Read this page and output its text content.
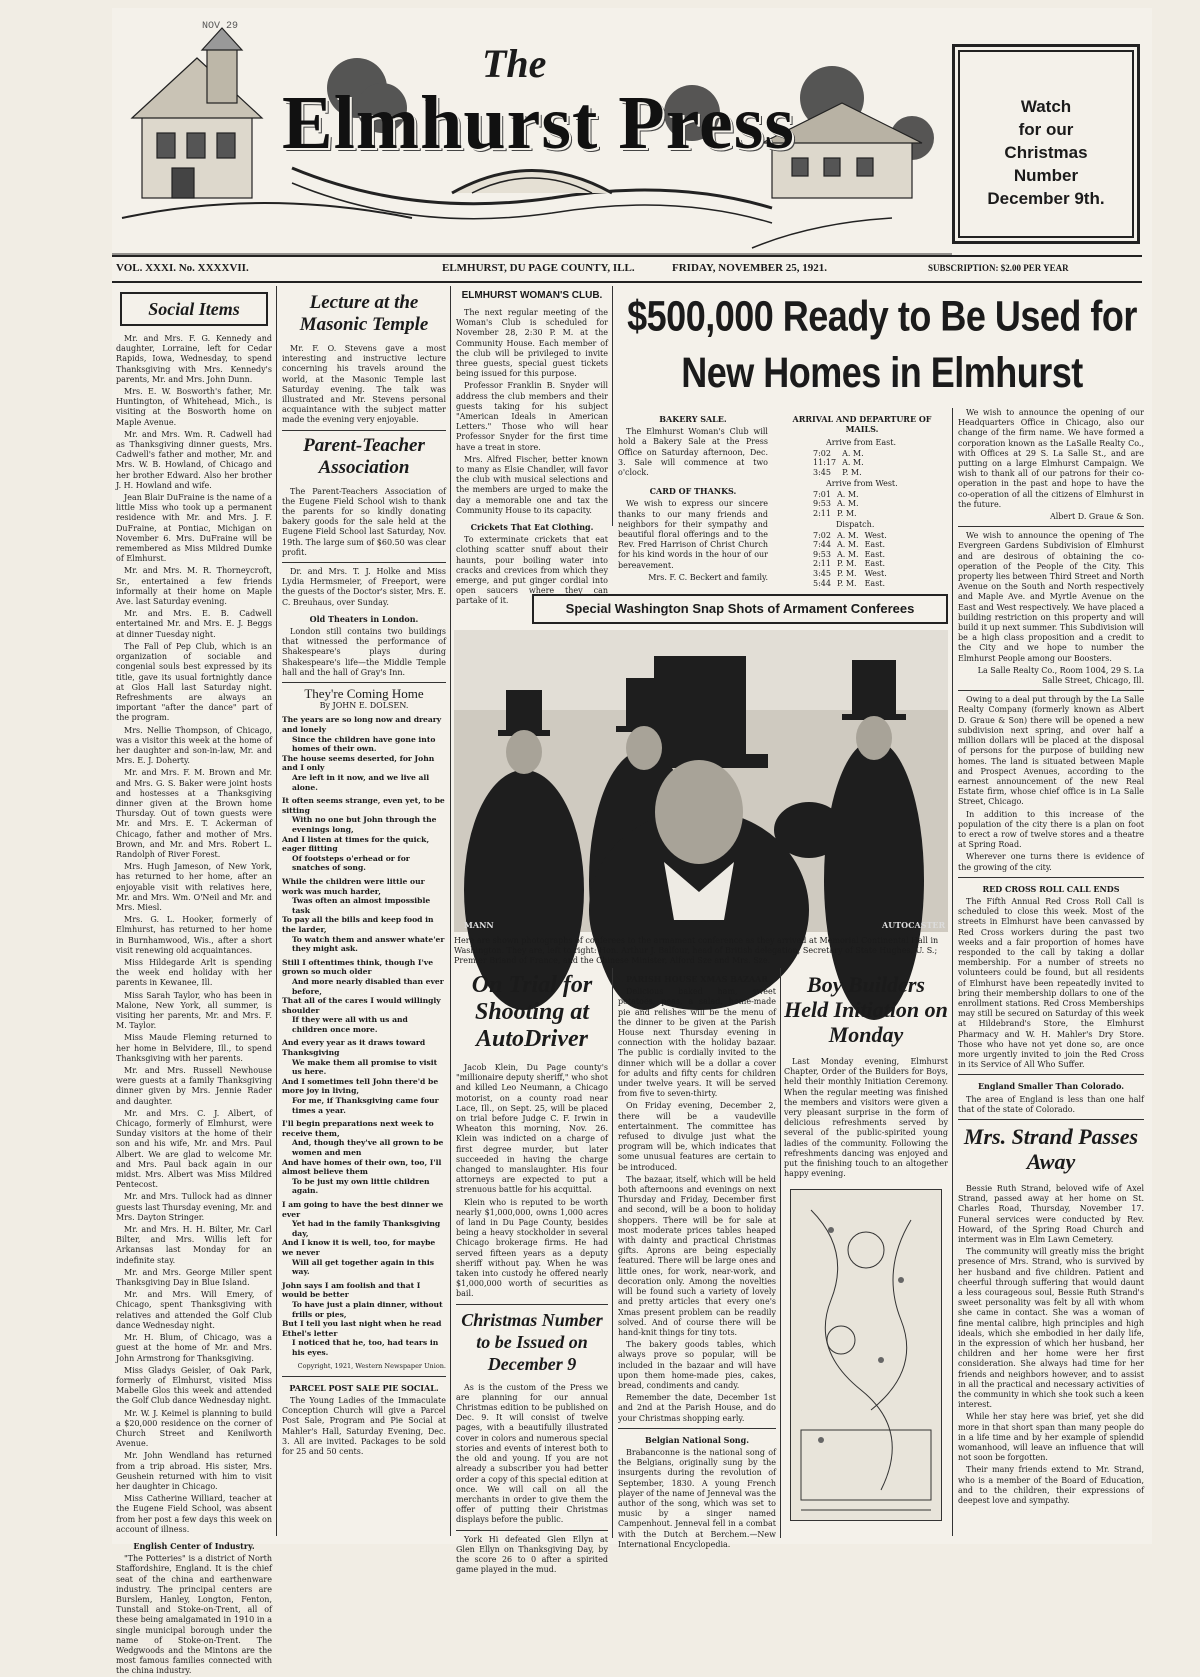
NOV 29
The
Elmhurst Press	Watch
for our
Christmas
Number
December 9th.
VOL. XXXI. No. XXXXVII.	ELMHURST, DU PAGE COUNTY, ILL.	FRIDAY, NOVEMBER 25, 1921.	SUBSCRIPTION: $2.00 PER YEAR
Social Items

Mr. and Mrs. F. G. Kennedy and daughter, Lorraine, left for Cedar Rapids, Iowa, Wednesday, to spend Thanksgiving with Mrs. Kennedy's parents, Mr. and Mrs. John Dunn.

Mrs. E. W. Bosworth's father, Mr. Huntington, of Whitehead, Mich., is visiting at the Bosworth home on Maple Avenue.

Mr. and Mrs. Wm. R. Cadwell had as Thanksgiving dinner guests, Mrs. Cadwell's father and mother, Mr. and Mrs. W. B. Howland, of Chicago and her brother Edward. Also her brother J. H. Howland and wife.

Jean Blair DuFraine is the name of a little Miss who took up a permanent residence with Mr. and Mrs. J. F. DuFraine, at Pontiac, Michigan on November 6. Mrs. DuFraine will be remembered as Miss Mildred Dumke of Elmhurst.

Mr. and Mrs. M. R. Thorneycroft, Sr., entertained a few friends informally at their home on Maple Ave. last Saturday evening.

Mr. and Mrs. E. B. Cadwell entertained Mr. and Mrs. E. J. Beggs at dinner Tuesday night.

The Fall of Pep Club, which is an organization of sociable and congenial souls best expressed by its title, gave its usual fortnightly dance at Glos Hall last Saturday night. Refreshments are always an important "after the dance" part of the program.

Mrs. Nellie Thompson, of Chicago, was a visitor this week at the home of her daughter and son-in-law, Mr. and Mrs. E. J. Doherty.

Mr. and Mrs. F. M. Brown and Mr. and Mrs. G. S. Baker were joint hosts and hostesses at a Thanksgiving dinner given at the Brown home Thursday. Out of town guests were Mr. and Mrs. E. T. Ackerman of Chicago, father and mother of Mrs. Brown, and Mr. and Mrs. Robert L. Randolph of River Forest.

Mrs. Hugh Jameson, of New York, has returned to her home, after an enjoyable visit with relatives here, Mr. and Mrs. Wm. O'Neil and Mr. and Mrs. Miesl.

Mrs. G. L. Hooker, formerly of Elmhurst, has returned to her home in Burnhamwood, Wis., after a short visit renewing old acquaintances.

Miss Hildegarde Arlt is spending the week end holiday with her parents in Kewanee, Ill.

Miss Sarah Taylor, who has been in Malone, New York, all summer, is visiting her parents, Mr. and Mrs. F. M. Taylor.

Miss Maude Fleming returned to her home in Belvidere, Ill., to spend Thanksgiving with her parents.

Mr. and Mrs. Russell Newhouse were guests at a family Thanksgiving dinner given by Mrs. Jennie Rader and daughter.

Mr. and Mrs. C. J. Albert, of Chicago, formerly of Elmhurst, were Sunday visitors at the home of their son and his wife, Mr. and Mrs. Paul Albert. We are glad to welcome Mr. and Mrs. Paul back again in our midst. Mrs. Albert was Miss Mildred Pentecost.

Mr. and Mrs. Tullock had as dinner guests last Thursday evening, Mr. and Mrs. Dayton Stringer.

Mr. and Mrs. H. H. Bilter, Mr. Carl Bilter, and Mrs. Willis left for Arkansas last Monday for an indefinite stay.

Mr. and Mrs. George Miller spent Thanksgiving Day in Blue Island.

Mr. and Mrs. Will Emery, of Chicago, spent Thanksgiving with relatives and attended the Golf Club dance Wednesday night.

Mr. H. Blum, of Chicago, was a guest at the home of Mr. and Mrs. John Armstrong for Thanksgiving.

Miss Gladys Geisler, of Oak Park, formerly of Elmhurst, visited Miss Mabelle Glos this week and attended the Golf Club dance Wednesday night.

Mr. W. J. Keimel is planning to build a $20,000 residence on the corner of Church Street and Kenilworth Avenue.

Mr. John Wendland has returned from a trip abroad. His sister, Mrs. Geushein returned with him to visit her daughter in Chicago.

Miss Catherine Williard, teacher at the Eugene Field School, was absent from her post a few days this week on account of illness.

English Center of Industry.

"The Potteries" is a district of North Staffordshire, England. It is the chief seat of the china and earthenware industry. The principal centers are Burslem, Hanley, Longton, Fenton, Tunstall and Stoke-on-Trent, all of these being amalgamated in 1910 in a single municipal borough under the name of Stoke-on-Trent. The Wedgwoods and the Mintons are the most famous families connected with the china industry.

Lecture at the Masonic Temple

Mr. F. O. Stevens gave a most interesting and instructive lecture concerning his travels around the world, at the Masonic Temple last Saturday evening. The talk was illustrated and Mr. Stevens personal acquaintance with the subject matter made the evening very enjoyable.

Parent-Teacher Association

The Parent-Teachers Association of the Eugene Field School wish to thank the parents for so kindly donating bakery goods for the sale held at the Eugene Field School last Saturday, Nov. 19th. The large sum of $60.50 was clear profit.

Dr. and Mrs. T. J. Holke and Miss Lydia Hermsmeier, of Freeport, were the guests of the Doctor's sister, Mrs. E. C. Breuhaus, over Sunday.

Old Theaters in London.

London still contains two buildings that witnessed the performance of Shakespeare's plays during Shakespeare's life—the Middle Temple hall and the hall of Gray's Inn.

They're Coming Home
By JOHN E. DOLSEN.
The years are so long now and dreary and lonely
Since the children have gone into homes of their own.
The house seems deserted, for John and I only
Are left in it now, and we live all alone.
It often seems strange, even yet, to be sitting
With no one but John through the evenings long,
And I listen at times for the quick, eager flitting
Of footsteps o'erhead or for snatches of song.
While the children were little our work was much harder,
Twas often an almost impossible task
To pay all the bills and keep food in the larder,
To watch them and answer whate'er they might ask.
Still I oftentimes think, though I've grown so much older
And more nearly disabled than ever before,
That all of the cares I would willingly shoulder
If they were all with us and children once more.
And every year as it draws toward Thanksgiving
We make them all promise to visit us here.
And I sometimes tell John there'd be more joy in living,
For me, if Thanksgiving came four times a year.
I'll begin preparations next week to receive them,
And, though they've all grown to be women and men
And have homes of their own, too, I'll almost believe them
To be just my own little children again.
I am going to have the best dinner we ever
Yet had in the family Thanksgiving day,
And I know it is well, too, for maybe we never
Will all get together again in this way.
John says I am foolish and that I would be better
To have just a plain dinner, without frills or pies,
But I tell you last night when he read Ethel's letter
I noticed that he, too, had tears in his eyes.
Copyright, 1921, Western Newspaper Union.
PARCEL POST SALE PIE SOCIAL.

The Young Ladies of the Immaculate Conception Church will give a Parcel Post Sale, Program and Pie Social at Mahler's Hall, Saturday Evening, Dec. 3. All are invited. Packages to be sold for 25 and 50 cents.

ELMHURST WOMAN'S CLUB.

The next regular meeting of the Woman's Club is scheduled for November 28, 2:30 P. M. at the Community House. Each member of the club will be privileged to invite three guests, special guest tickets being issued for this purpose.

Professor Franklin B. Snyder will address the club members and their guests taking for his subject "American Ideals in American Letters." Those who will hear Professor Snyder for the first time have a treat in store.

Mrs. Alfred Fischer, better known to many as Elsie Chandler, will favor the club with musical selections and the members are urged to make the day a memorable one and tax the Community House to its capacity.

Crickets That Eat Clothing.

To exterminate crickets that eat clothing scatter snuff about their haunts, pour boiling water into cracks and crevices from which they emerge, and put ginger cordial into open saucers where they can partake of it.

$500,000 Ready to Be Used for New Homes in Elmhurst
BAKERY SALE.

The Elmhurst Woman's Club will hold a Bakery Sale at the Press Office on Saturday afternoon, Dec. 3. Sale will commence at two o'clock.

CARD OF THANKS.

We wish to express our sincere thanks to our many friends and neighbors for their sympathy and beautiful floral offerings and to the Rev. Fred Harrison of Christ Church for his kind words in the hour of our bereavement.

Mrs. F. C. Beckert and family.
ARRIVAL AND DEPARTURE OF MAILS.
Arrive from East.
7:02	A. M.
11:17	A. M.
3:45	P. M.
Arrive from West.
7:01	A. M.
9:53	A. M.
2:11	P. M.
Dispatch.
7:02	A. M.	West.
7:44	A. M.	East.
9:53	A. M.	East.
2:11	P. M.	East.
3:45	P. M.	West.
5:44	P. M.	East.
Special Washington Snap Shots of Armament Conferees
MANN	AUTOCASTER
Here are shown photographs of conferees to the armament conference as they arrived at Memorial Continental Hall in Washington. They are, left to right: Hon. Arthur J. Balfour, head of British delegation; Secretary of State Hughes, U. S.; Premier Briand of France, and the Chinese Minister, Alford Sze and Mrs. Sze.
On Trial for Shooting at AutoDriver

Jacob Klein, Du Page county's "millionaire deputy sheriff," who shot and killed Leo Neumann, a Chicago motorist, on a county road near Lace, Ill., on Sept. 25, will be placed on trial before Judge C. F. Irwin in Wheaton this morning, Nov. 26. Klein was indicted on a charge of first degree murder, but later succeeded in having the charge changed to manslaughter. His four attorneys are expected to put a strenuous battle for his acquittal.

Klein who is reputed to be worth nearly $1,000,000, owns 1,000 acres of land in Du Page County, besides being a heavy stockholder in several Chicago brokerage firms. He had served fifteen years as a deputy sheriff without pay. When he was taken into custody he offered nearly $1,000,000 worth of securities as bail.

Christmas Number to be Issued on December 9

As is the custom of the Press we are planning for our annual Christmas edition to be published on Dec. 9. It will consist of twelve pages, with a beautifully illustrated cover in colors and numerous special stories and events of interest both to the old and young. If you are not already a subscriber you had better order a copy of this special edition at once. We will call on all the merchants in order to give them the offer of putting their Christmas displays before the public.

York Hi defeated Glen Ellyn at Glen Ellyn on Thanksgiving Day, by the score 26 to 0 after a spirited game played in the mud.

PARISH HOUSE XMAS BAZAAR

Delicious baked ham, sweet potatoes, peas, a salad, home-made pie and relishes will be the menu of the dinner to be given at the Parish House next Thursday evening in connection with the holiday bazaar. The public is cordially invited to the dinner which will be a dollar a cover for adults and fifty cents for children under twelve years. It will be served from five to seven-thirty.

On Friday evening, December 2, there will be a vaudeville entertainment. The committee has refused to divulge just what the program will be, which indicates that some unusual features are certain to be introduced.

The bazaar, itself, which will be held both afternoons and evenings on next Thursday and Friday, December first and second, will be a boon to holiday shoppers. There will be for sale at most moderate prices tables heaped with dainty and practical Christmas gifts. Aprons are being especially featured. There will be large ones and little ones, for work, near-work, and decoration only. Among the novelties will be found such a variety of lovely and pretty articles that every one's Xmas present problem can be readily solved. And of course there will be hand-knit things for tiny tots.

The bakery goods tables, which always prove so popular, will be included in the bazaar and will have upon them home-made pies, cakes, bread, condiments and candy.

Remember the date, December 1st and 2nd at the Parish House, and do your Christmas shopping early.

Belgian National Song.

Brabanconne is the national song of the Belgians, originally sung by the insurgents during the revolution of September, 1830. A young French player of the name of Jenneval was the author of the song, which was set to music by a singer named Campenhout. Jenneval fell in a combat with the Dutch at Berchem.—New International Encyclopedia.

Boy Builders Held Initiation on Monday

Last Monday evening, Elmhurst Chapter, Order of the Builders for Boys, held their monthly Initiation Ceremony. When the regular meeting was finished the members and visitors were given a very pleasant surprise in the form of delicious refreshments served by several of the public-spirited young ladies of the community. Following the refreshments dancing was enjoyed and put the finishing touch to an altogether happy evening.

We wish to announce the opening of our Headquarters Office in Chicago, also our change of the firm name. We have formed a corporation known as the LaSalle Realty Co., with Offices at 29 S. La Salle St., and are putting on a large Elmhurst Campaign. We wish to thank all of our patrons for their co-operation in the past and hope to have the co-operation of all the citizens of Elmhurst in the future.

Albert D. Graue & Son.

We wish to announce the opening of The Evergreen Gardens Subdivision of Elmhurst and are desirous of obtaining the co-operation of the People of the City. This property lies between Third Street and North Avenue on the South and North respectively and Maple Ave. and Myrtle Avenue on the East and West respectively. We have placed a building restriction on this property and will build it up next summer. This Subdivision will be a high class proposition and a credit to the City and we hope to number the Elmhurst People among our Boosters.

La Salle Realty Co., Room 1004, 29 S. La Salle Street, Chicago, Ill.

Owing to a deal put through by the La Salle Realty Company (formerly known as Albert D. Graue & Son) there will be opened a new subdivision next spring, and over half a million dollars will be placed at the disposal of persons for the purpose of building new homes. The land is situated between Maple and Prospect Avenues, according to the earnest announcement of the new Real Estate firm, whose chief office is in La Salle Street, Chicago.

In addition to this increase of the population of the city there is a plan on foot to erect a row of twelve stores and a theatre at Spring Road.

Wherever one turns there is evidence of the growing of the city.

RED CROSS ROLL CALL ENDS

The Fifth Annual Red Cross Roll Call is scheduled to close this week. Most of the streets in Elmhurst have been canvassed by Red Cross workers during the past two weeks and a fair proportion of homes have responded to the call by taking a dollar membership. For a number of streets no volunteers could be found, but all residents of Elmhurst have been repeatedly invited to bring their membership dollars to one of the enrollment stations. Red Cross Memberships may still be secured on Saturday of this week at Hildebrand's Store, the Elmhurst Pharmacy and W. H. Mahler's Dry Store. Those who have not yet done so, are once more urgently invited to join the Red Cross in its Service of All Who Suffer.

England Smaller Than Colorado.

The area of England is less than one half that of the state of Colorado.

Mrs. Strand Passes Away

Bessie Ruth Strand, beloved wife of Axel Strand, passed away at her home on St. Charles Road, Thursday, November 17. Funeral services were conducted by Rev. Howard, of the Spring Road Church and interment was in Elm Lawn Cemetery.

The community will greatly miss the bright presence of Mrs. Strand, who is survived by her husband and five children. Patient and cheerful through suffering that would daunt a less courageous soul, Bessie Ruth Strand's sweet personality was felt by all with whom she came in contact. She was a woman of fine mental calibre, high principles and high ideals, which she embodied in her daily life, in the expression of which her husband, her children and her home were her first consideration. She always had time for her friends and neighbors however, and to assist in all the practical and necessary activities of the community in which she took such a keen interest.

While her stay here was brief, yet she did more in that short span than many people do in a life time and by her example of splendid womanhood, will leave an influence that will not soon be forgotten.

Their many friends extend to Mr. Strand, who is a member of the Board of Education, and to the children, their expressions of deepest love and sympathy.
